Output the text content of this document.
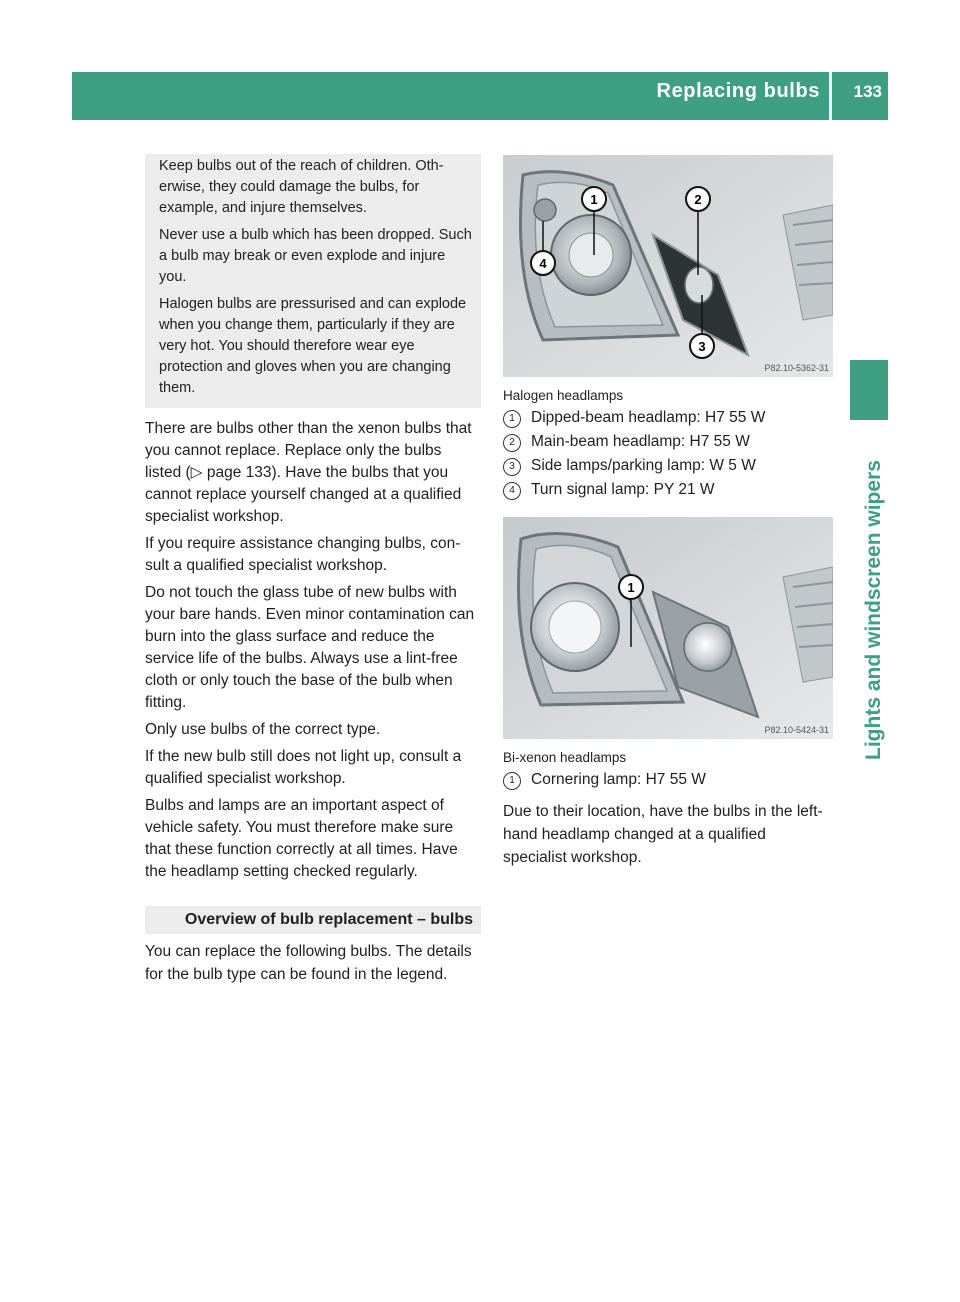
Replacing bulbs 133
Lights and windscreen wipers

Keep bulbs out of the reach of children. Oth-erwise, they could damage the bulbs, for example, and injure themselves.

Never use a bulb which has been dropped. Such a bulb may break or even explode and injure you.

Halogen bulbs are pressurised and can explode when you change them, particularly if they are very hot. You should therefore wear eye protection and gloves when you are changing them.

There are bulbs other than the xenon bulbs that you cannot replace. Replace only the bulbs listed (▷ page 133). Have the bulbs that you cannot replace yourself changed at a qualified specialist workshop.

If you require assistance changing bulbs, con-sult a qualified specialist workshop.

Do not touch the glass tube of new bulbs with your bare hands. Even minor contamination can burn into the glass surface and reduce the service life of the bulbs. Always use a lint-free cloth or only touch the base of the bulb when fitting.

Only use bulbs of the correct type.

If the new bulb still does not light up, consult a qualified specialist workshop.

Bulbs and lamps are an important aspect of vehicle safety. You must therefore make sure that these function correctly at all times. Have the headlamp setting checked regularly.

Overview of bulb replacement – bulbs

You can replace the following bulbs. The details for the bulb type can be found in the legend.

1	2
3
4
P82.10-5362-31
Halogen headlamps
1 Dipped-beam headlamp: H7 55 W
2 Main-beam headlamp: H7 55 W
3 Side lamps/parking lamp: W 5 W
4 Turn signal lamp: PY 21 W
1
P82.10-5424-31
Bi-xenon headlamps
1 Cornering lamp: H7 55 W

Due to their location, have the bulbs in the left-hand headlamp changed at a qualified specialist workshop.
